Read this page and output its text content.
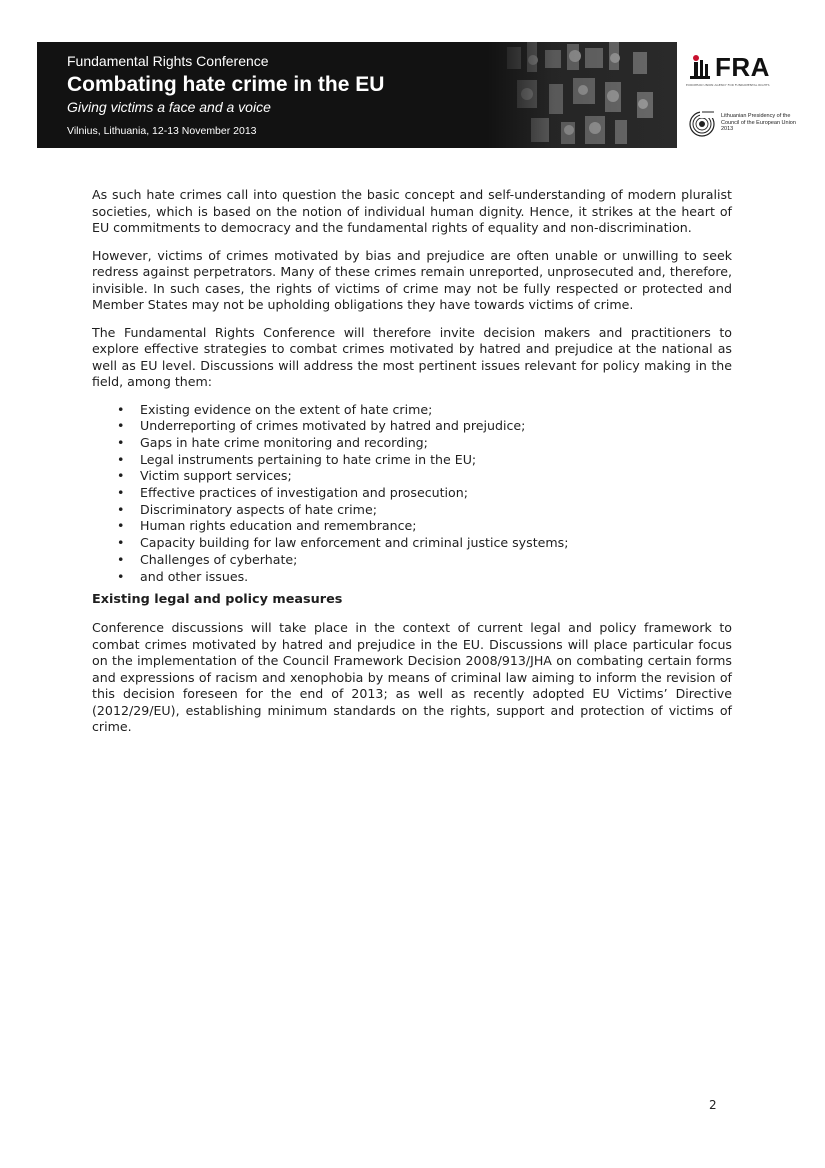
Fundamental Rights Conference
Combating hate crime in the EU
Giving victims a face and a voice
Vilnius, Lithuania, 12-13 November 2013
FRA
EUROPEAN UNION AGENCY FOR FUNDAMENTAL RIGHTS
Lithuanian Presidency of the Council of the European Union 2013

As such hate crimes call into question the basic concept and self-understanding of modern pluralist societies, which is based on the notion of individual human dignity. Hence, it strikes at the heart of EU commitments to democracy and the fundamental rights of equality and non-discrimination.

However, victims of crimes motivated by bias and prejudice are often unable or unwilling to seek redress against perpetrators. Many of these crimes remain unreported, unprosecuted and, therefore, invisible. In such cases, the rights of victims of crime may not be fully respected or protected and Member States may not be upholding obligations they have towards victims of crime.

The Fundamental Rights Conference will therefore invite decision makers and practitioners to explore effective strategies to combat crimes motivated by hatred and prejudice at the national as well as EU level. Discussions will address the most pertinent issues relevant for policy making in the field, among them:

• Existing evidence on the extent of hate crime;
• Underreporting of crimes motivated by hatred and prejudice;
• Gaps in hate crime monitoring and recording;
• Legal instruments pertaining to hate crime in the EU;
• Victim support services;
• Effective practices of investigation and prosecution;
• Discriminatory aspects of hate crime;
• Human rights education and remembrance;
• Capacity building for law enforcement and criminal justice systems;
• Challenges of cyberhate;
• and other issues.
Existing legal and policy measures

Conference discussions will take place in the context of current legal and policy framework to combat crimes motivated by hatred and prejudice in the EU. Discussions will place particular focus on the implementation of the Council Framework Decision 2008/913/JHA on combating certain forms and expressions of racism and xenophobia by means of criminal law aiming to inform the revision of this decision foreseen for the end of 2013; as well as recently adopted EU Victims’ Directive (2012/29/EU), establishing minimum standards on the rights, support and protection of victims of crime.

2
